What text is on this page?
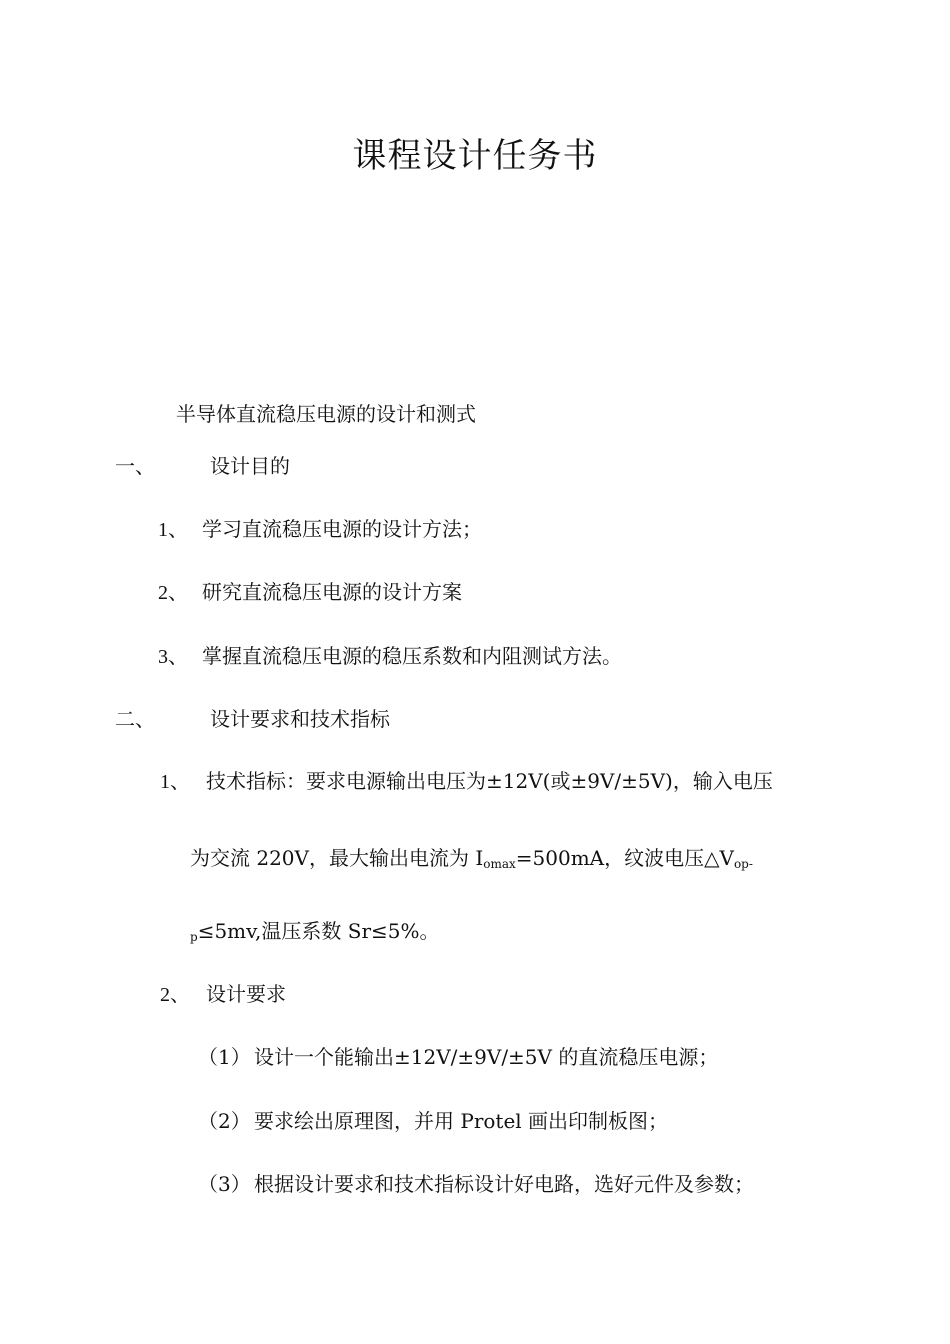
课程设计任务书
半导体直流稳压电源的设计和测式
一、	设计目的
1、 学习直流稳压电源的设计方法；
2、 研究直流稳压电源的设计方案
3、 掌握直流稳压电源的稳压系数和内阻测试方法。
二、	设计要求和技术指标
1、 技术指标：要求电源输出电压为±12V(或±9V/±5V)，输入电压
为交流 220V，最大输出电流为 $I_{omax}=500mA$，纹波电压$\triangle V_{op-}$
$_p$≤5mv,温压系数 Sr≤5%。
2、 设计要求
（1） 设计一个能输出±12V/±9V/±5V 的直流稳压电源；
（2） 要求绘出原理图，并用 Protel 画出印制板图；
（3） 根据设计要求和技术指标设计好电路，选好元件及参数；
